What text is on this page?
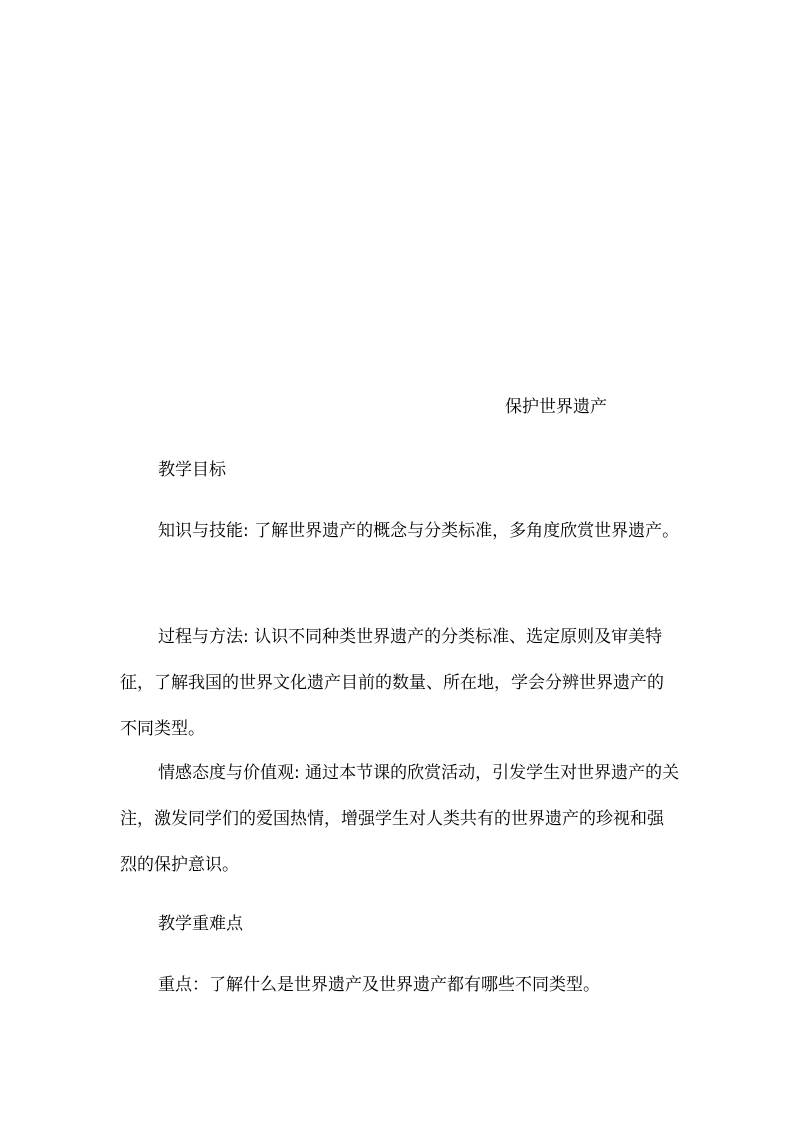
保护世界遗产
教学目标

知识与技能: 了解世界遗产的概念与分类标准，多角度欣赏世界遗产。

过程与方法: 认识不同种类世界遗产的分类标准、选定原则及审美特征，了解我国的世界文化遗产目前的数量、所在地，学会分辨世界遗产的不同类型。

情感态度与价值观: 通过本节课的欣赏活动，引发学生对世界遗产的关注，激发同学们的爱国热情，增强学生对人类共有的世界遗产的珍视和强烈的保护意识。

教学重难点

重点：了解什么是世界遗产及世界遗产都有哪些不同类型。
